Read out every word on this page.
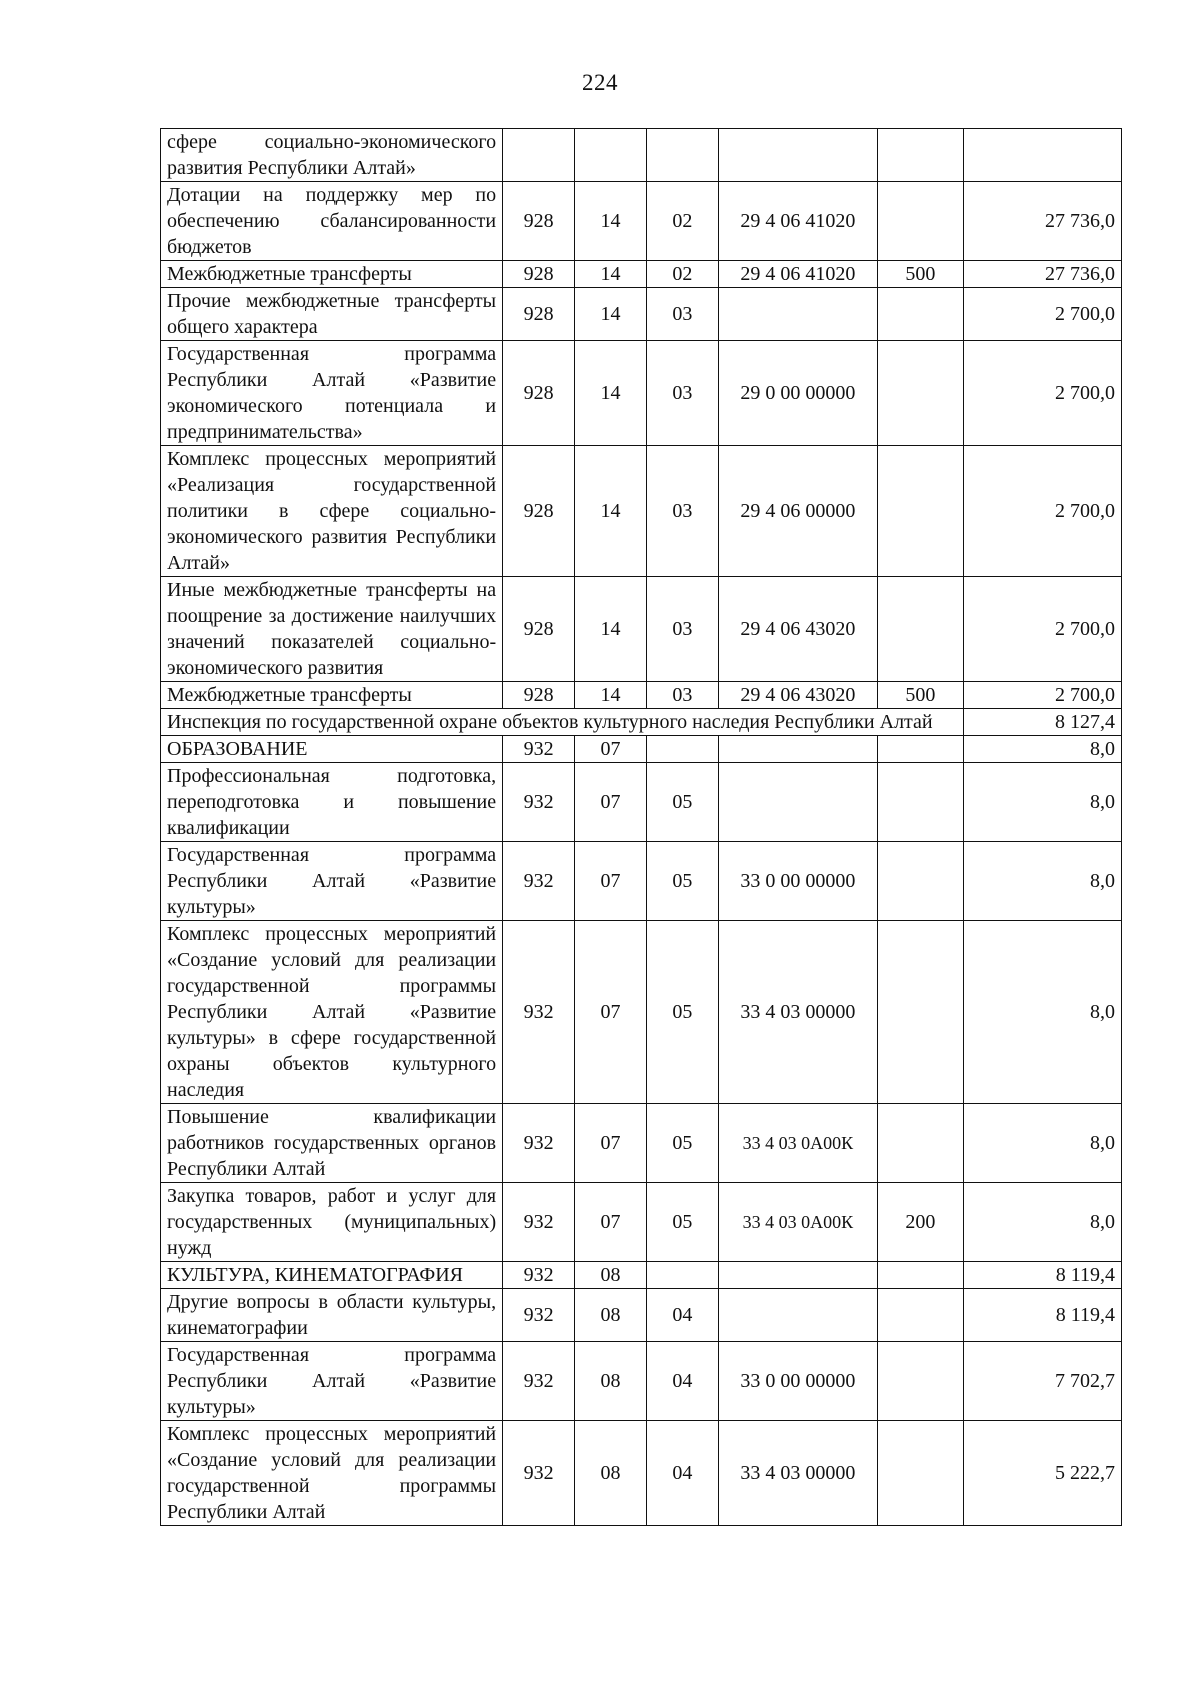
224
сфере социально-экономического развития Республики Алтай»						
Дотации на поддержку мер по обеспечению сбалансированности бюджетов	928	14	02	29 4 06 41020		27 736,0
Межбюджетные трансферты	928	14	02	29 4 06 41020	500	27 736,0
Прочие межбюджетные трансферты общего характера	928	14	03			2 700,0
Государственная программа Республики Алтай «Развитие экономического потенциала и предпринимательства»	928	14	03	29 0 00 00000		2 700,0
Комплекс процессных мероприятий «Реализация государственной политики в сфере социально-экономического развития Республики Алтай»	928	14	03	29 4 06 00000		2 700,0
Иные межбюджетные трансферты на поощрение за достижение наилучших значений показателей социально-экономического развития	928	14	03	29 4 06 43020		2 700,0
Межбюджетные трансферты	928	14	03	29 4 06 43020	500	2 700,0
Инспекция по государственной охране объектов культурного наследия Республики Алтай						8 127,4
ОБРАЗОВАНИЕ	932	07				8,0
Профессиональная подготовка, переподготовка и повышение квалификации	932	07	05			8,0
Государственная программа Республики Алтай «Развитие культуры»	932	07	05	33 0 00 00000		8,0
Комплекс процессных мероприятий «Создание условий для реализации государственной программы Республики Алтай «Развитие культуры» в сфере государственной охраны объектов культурного наследия	932	07	05	33 4 03 00000		8,0
Повышение квалификации работников государственных органов Республики Алтай	932	07	05	33 4 03 0А00К		8,0
Закупка товаров, работ и услуг для государственных (муниципальных) нужд	932	07	05	33 4 03 0А00К	200	8,0
КУЛЬТУРА, КИНЕМАТОГРАФИЯ	932	08				8 119,4
Другие вопросы в области культуры, кинематографии	932	08	04			8 119,4
Государственная программа Республики Алтай «Развитие культуры»	932	08	04	33 0 00 00000		7 702,7
Комплекс процессных мероприятий «Создание условий для реализации государственной программы Республики Алтай	932	08	04	33 4 03 00000		5 222,7
